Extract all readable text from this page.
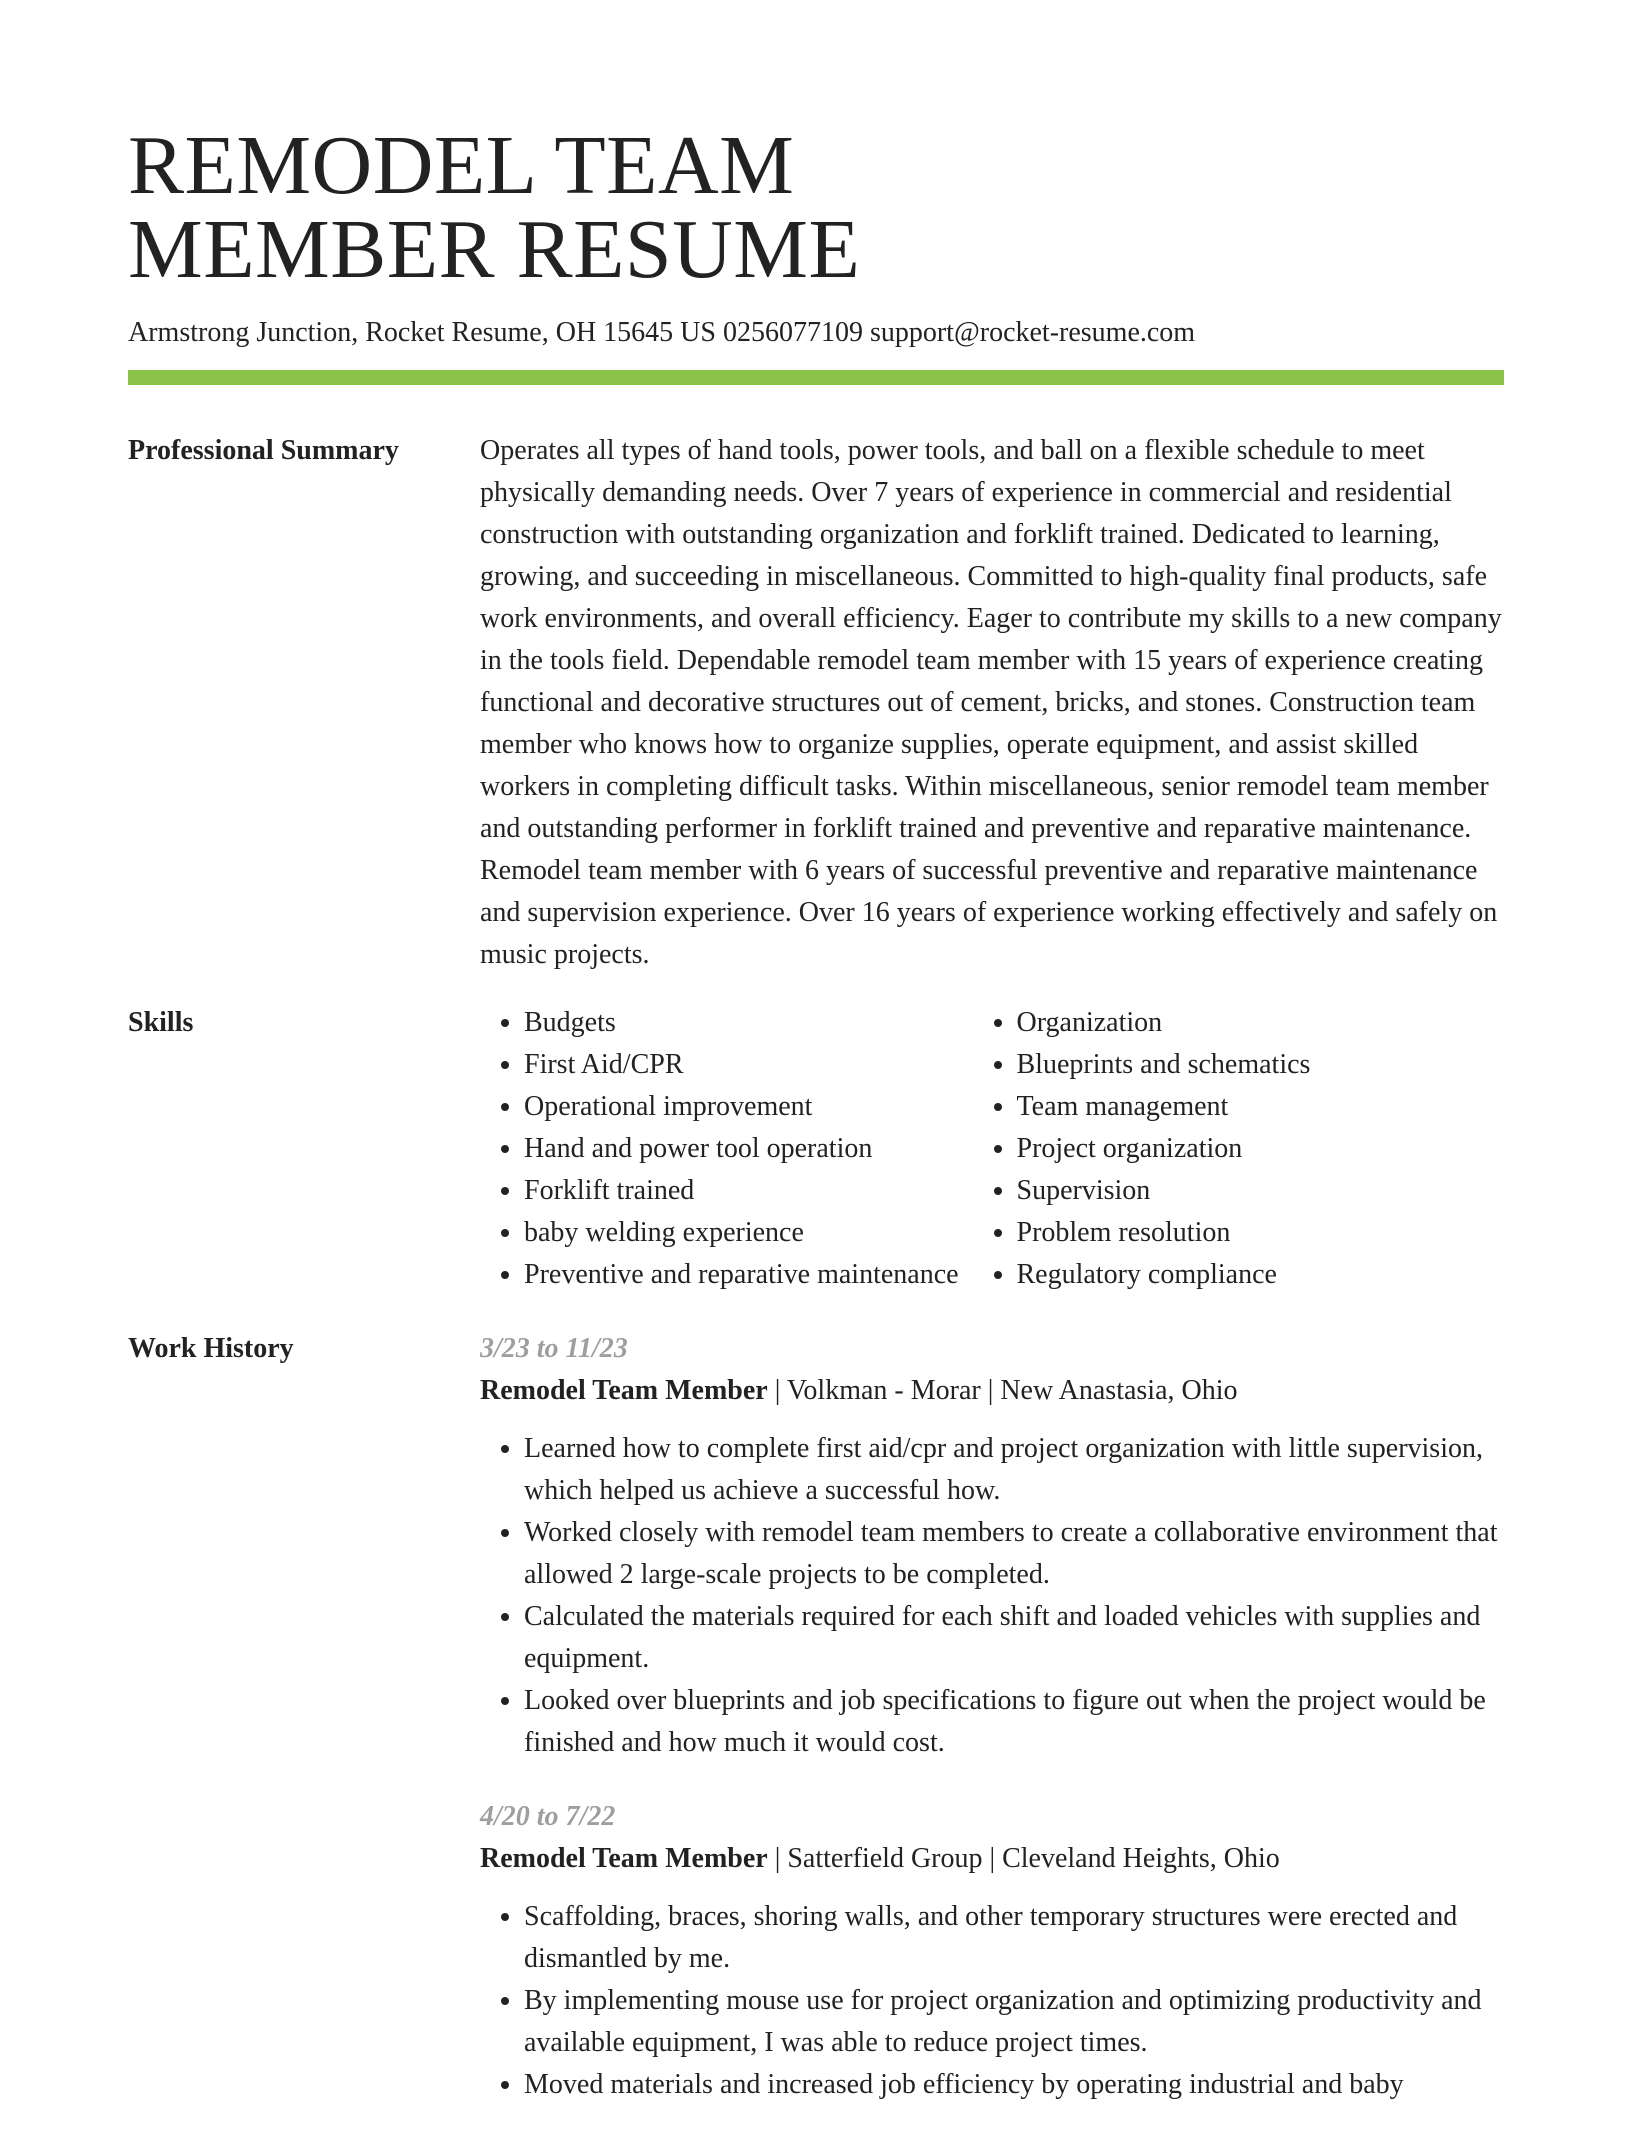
REMODEL TEAM
MEMBER RESUME
Armstrong Junction, Rocket Resume, OH 15645 US 0256077109 support@rocket-resume.com
Professional Summary	Operates all types of hand tools, power tools, and ball on a flexible schedule to meet physically demanding needs. Over 7 years of experience in commercial and residential construction with outstanding organization and forklift trained. Dedicated to learning, growing, and succeeding in miscellaneous. Committed to high-quality final products, safe work environments, and overall efficiency. Eager to contribute my skills to a new company in the tools field. Dependable remodel team member with 15 years of experience creating functional and decorative structures out of cement, bricks, and stones. Construction team member who knows how to organize supplies, operate equipment, and assist skilled workers in completing difficult tasks. Within miscellaneous, senior remodel team member and outstanding performer in forklift trained and preventive and reparative maintenance. Remodel team member with 6 years of successful preventive and reparative maintenance and supervision experience. Over 16 years of experience working effectively and safely on music projects.

Skills
•	Budgets
• First Aid/CPR
• Operational improvement
• Hand and power tool operation
• Forklift trained
• baby welding experience
• Preventive and reparative maintenance
• Organization
• Blueprints and schematics
• Team management
• Project organization
• Supervision
• Problem resolution
• Regulatory compliance
Work History	3/23 to 11/23
Remodel Team Member | Volkman - Morar | New Anastasia, Ohio
• Learned how to complete first aid/cpr and project organization with little supervision, which helped us achieve a successful how.
• Worked closely with remodel team members to create a collaborative environment that allowed 2 large-scale projects to be completed.
• Calculated the materials required for each shift and loaded vehicles with supplies and equipment.
• Looked over blueprints and job specifications to figure out when the project would be finished and how much it would cost.
4/20 to 7/22
Remodel Team Member | Satterfield Group | Cleveland Heights, Ohio
• Scaffolding, braces, shoring walls, and other temporary structures were erected and dismantled by me.
• By implementing mouse use for project organization and optimizing productivity and available equipment, I was able to reduce project times.
• Moved materials and increased job efficiency by operating industrial and baby
